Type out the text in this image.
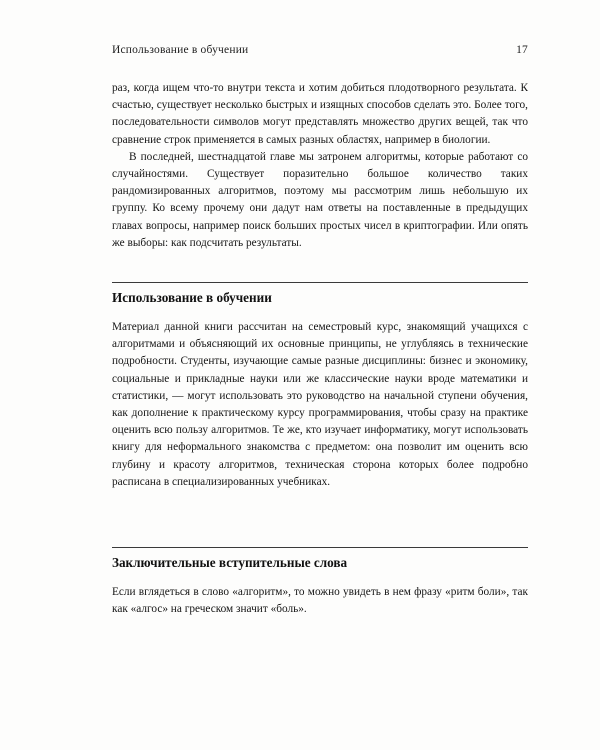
Использование в обучении	17

раз, когда ищем что-то внутри текста и хотим добиться плодотворного результата. К счастью, существует несколько быстрых и изящных способов сделать это. Более того, последовательности символов могут представлять множество других вещей, так что сравнение строк применяется в самых разных областях, например в биологии.

В последней, шестнадцатой главе мы затронем алгоритмы, которые работают со случайностями. Существует поразительно большое количество таких рандомизированных алгоритмов, поэтому мы рассмотрим лишь небольшую их группу. Ко всему прочему они дадут нам ответы на поставленные в предыдущих главах вопросы, например поиск больших простых чисел в криптографии. Или опять же выборы: как подсчитать результаты.

Использование в обучении

Материал данной книги рассчитан на семестровый курс, знакомящий учащихся с алгоритмами и объясняющий их основные принципы, не углубляясь в технические подробности. Студенты, изучающие самые разные дисциплины: бизнес и экономику, социальные и прикладные науки или же классические науки вроде математики и статистики, — могут использовать это руководство на начальной ступени обучения, как дополнение к практическому курсу программирования, чтобы сразу на практике оценить всю пользу алгоритмов. Те же, кто изучает информатику, могут использовать книгу для неформального знакомства с предметом: она позволит им оценить всю глубину и красоту алгоритмов, техническая сторона которых более подробно расписана в специализированных учебниках.

Заключительные вступительные слова

Если вглядеться в слово «алгоритм», то можно увидеть в нем фразу «ритм боли», так как «алгос» на греческом значит «боль».
